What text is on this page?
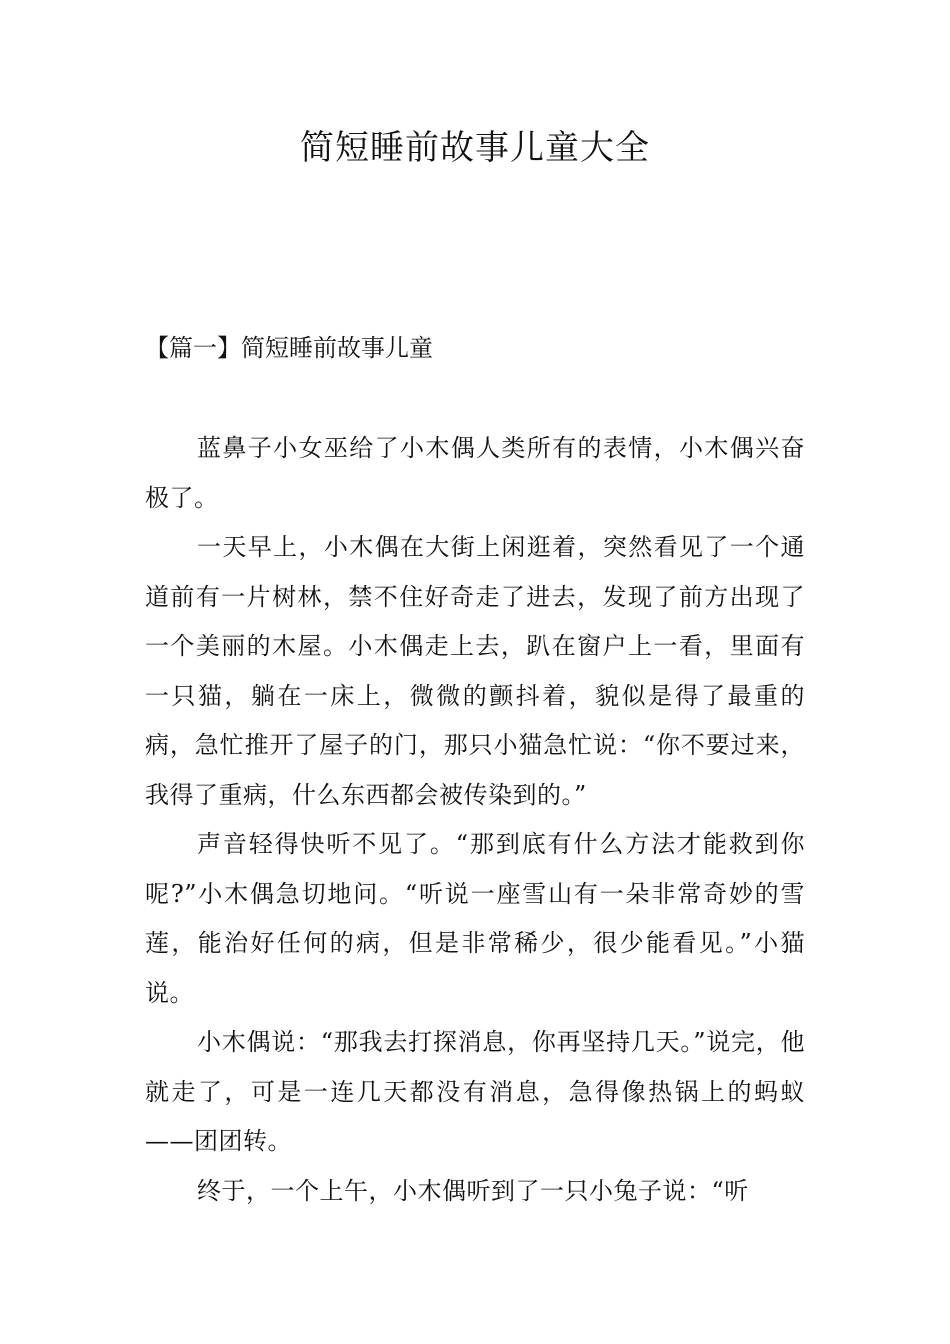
简短睡前故事儿童大全
【篇一】简短睡前故事儿童

蓝鼻子小女巫给了小木偶人类所有的表情，小木偶兴奋极了。

一天早上，小木偶在大街上闲逛着，突然看见了一个通道前有一片树林，禁不住好奇走了进去，发现了前方出现了一个美丽的木屋。小木偶走上去，趴在窗户上一看，里面有一只猫，躺在一床上，微微的颤抖着，貌似是得了最重的病，急忙推开了屋子的门，那只小猫急忙说：“你不要过来，我得了重病，什么东西都会被传染到的。”

声音轻得快听不见了。“那到底有什么方法才能救到你呢?”小木偶急切地问。“听说一座雪山有一朵非常奇妙的雪莲，能治好任何的病，但是非常稀少，很少能看见。”小猫说。

小木偶说：“那我去打探消息，你再坚持几天。”说完，他就走了，可是一连几天都没有消息，急得像热锅上的蚂蚁——团团转。

终于，一个上午，小木偶听到了一只小兔子说：“听
